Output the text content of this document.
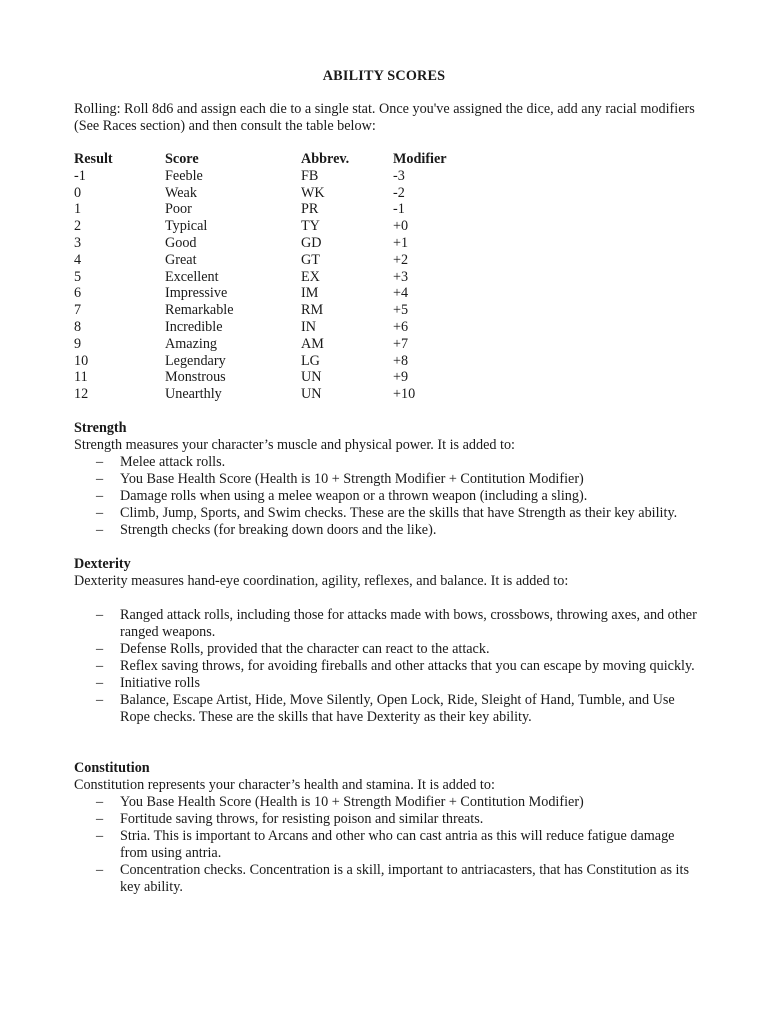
ABILITY SCORES

Rolling: Roll 8d6 and assign each die to a single stat. Once you've assigned the dice, add any racial modifiers (See Races section) and then consult the table below:

Result	Score	Abbrev.	Modifier
-1	Feeble	FB	-3
0	Weak	WK	-2
1	Poor	PR	-1
2	Typical	TY	+0
3	Good	GD	+1
4	Great	GT	+2
5	Excellent	EX	+3
6	Impressive	IM	+4
7	Remarkable	RM	+5
8	Incredible	IN	+6
9	Amazing	AM	+7
10	Legendary	LG	+8
11	Monstrous	UN	+9
12	Unearthly	UN	+10

Strength

Strength measures your character’s muscle and physical power. It is added to:

– Melee attack rolls.
– You Base Health Score (Health is 10 + Strength Modifier + Contitution Modifier)
– Damage rolls when using a melee weapon or a thrown weapon (including a sling).
– Climb, Jump, Sports, and Swim checks. These are the skills that have Strength as their key ability.
– Strength checks (for breaking down doors and the like).

Dexterity

Dexterity measures hand-eye coordination, agility, reflexes, and balance. It is added to:

– Ranged attack rolls, including those for attacks made with bows, crossbows, throwing axes, and other ranged weapons.
– Defense Rolls, provided that the character can react to the attack.
– Reflex saving throws, for avoiding fireballs and other attacks that you can escape by moving quickly.
– Initiative rolls
– Balance, Escape Artist, Hide, Move Silently, Open Lock, Ride, Sleight of Hand, Tumble, and Use Rope checks. These are the skills that have Dexterity as their key ability.

Constitution

Constitution represents your character’s health and stamina. It is added to:

– You Base Health Score (Health is 10 + Strength Modifier + Contitution Modifier)
– Fortitude saving throws, for resisting poison and similar threats.
– Stria. This is important to Arcans and other who can cast antria as this will reduce fatigue damage from using antria.
– Concentration checks. Concentration is a skill, important to antriacasters, that has Constitution as its key ability.
